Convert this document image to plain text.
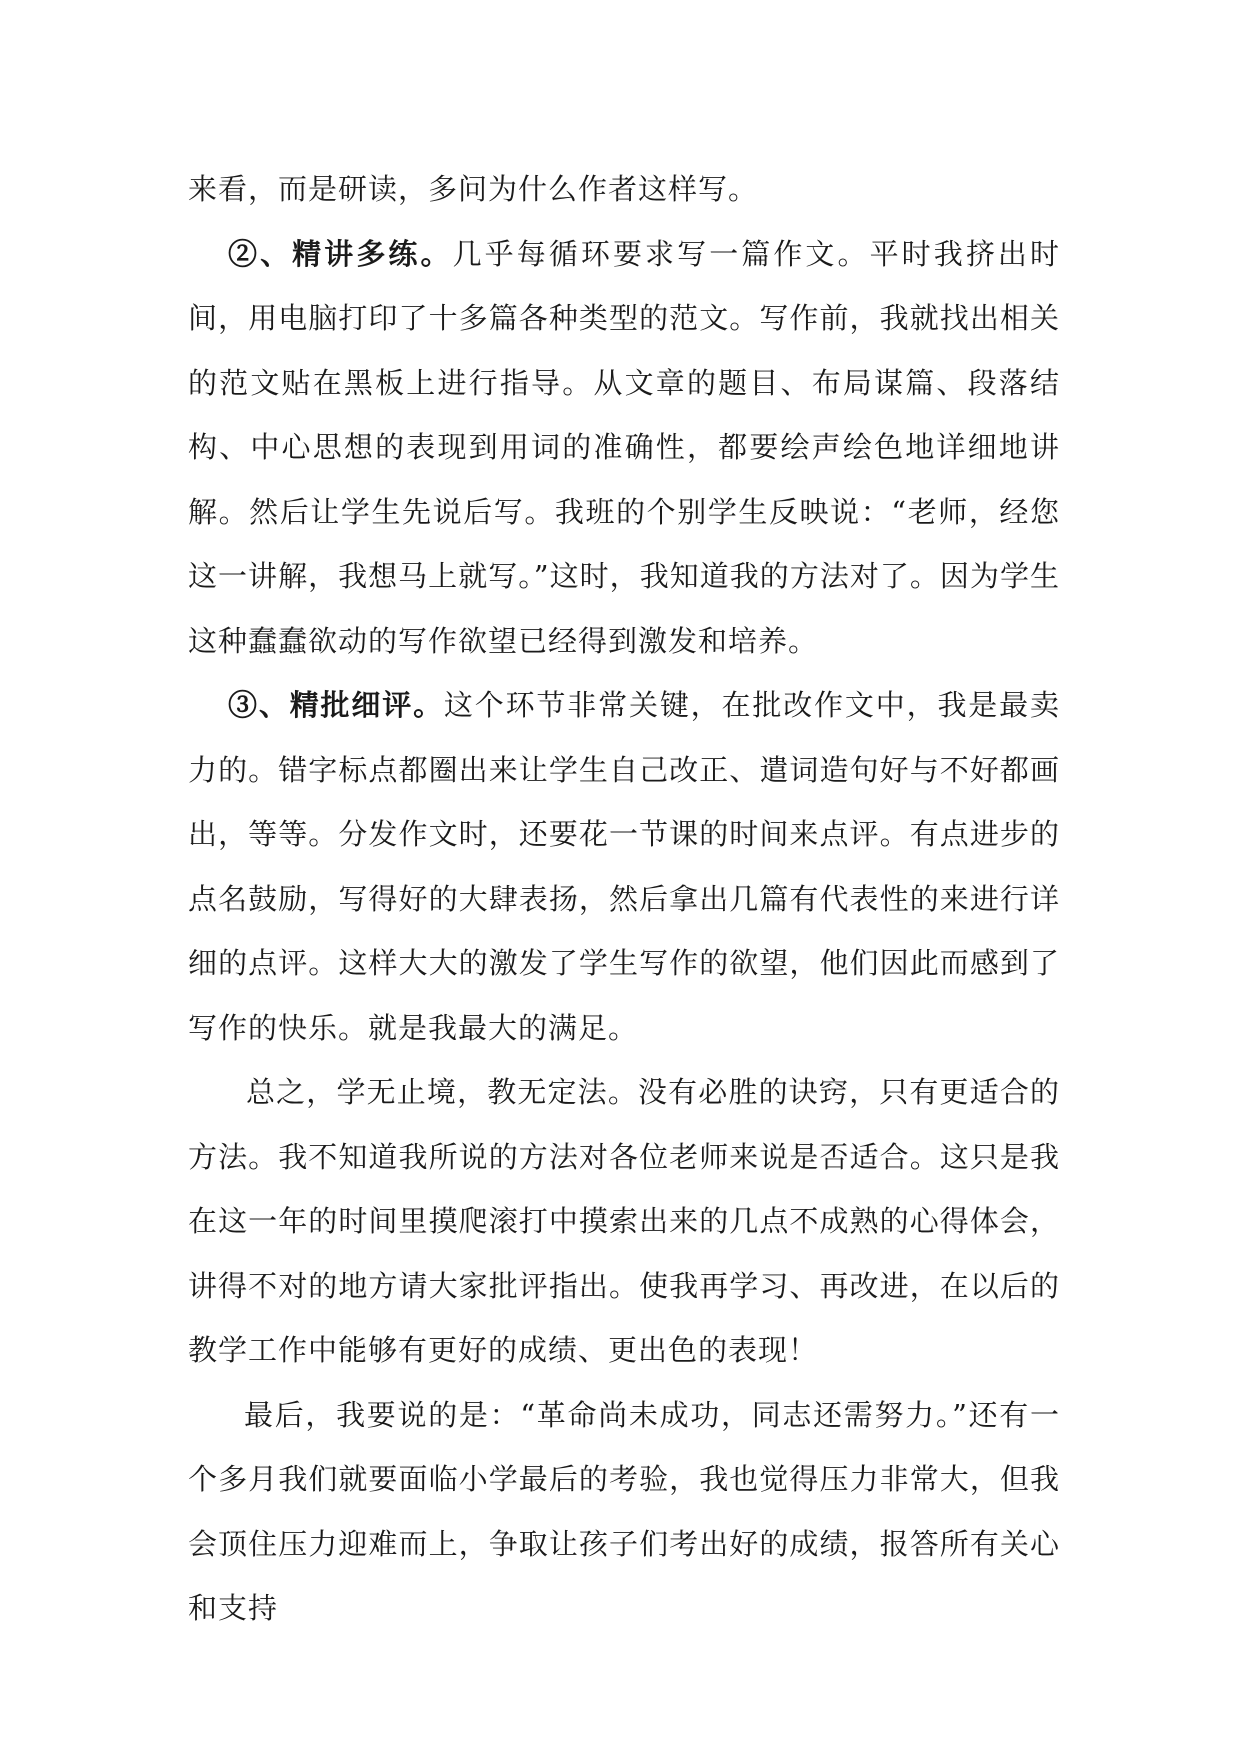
来看，而是研读，多问为什么作者这样写。

②、精讲多练。几乎每循环要求写一篇作文。平时我挤出时间，用电脑打印了十多篇各种类型的范文。写作前，我就找出相关的范文贴在黑板上进行指导。从文章的题目、布局谋篇、段落结构、中心思想的表现到用词的准确性，都要绘声绘色地详细地讲解。然后让学生先说后写。我班的个别学生反映说：“老师，经您这一讲解，我想马上就写。”这时，我知道我的方法对了。因为学生这种蠢蠢欲动的写作欲望已经得到激发和培养。

③、精批细评。这个环节非常关键，在批改作文中，我是最卖力的。错字标点都圈出来让学生自己改正、遣词造句好与不好都画出，等等。分发作文时，还要花一节课的时间来点评。有点进步的点名鼓励，写得好的大肆表扬，然后拿出几篇有代表性的来进行详细的点评。这样大大的激发了学生写作的欲望，他们因此而感到了写作的快乐。就是我最大的满足。

总之，学无止境，教无定法。没有必胜的诀窍，只有更适合的方法。我不知道我所说的方法对各位老师来说是否适合。这只是我在这一年的时间里摸爬滚打中摸索出来的几点不成熟的心得体会，讲得不对的地方请大家批评指出。使我再学习、再改进，在以后的教学工作中能够有更好的成绩、更出色的表现！

最后，我要说的是：“革命尚未成功，同志还需努力。”还有一个多月我们就要面临小学最后的考验，我也觉得压力非常大，但我会顶住压力迎难而上，争取让孩子们考出好的成绩，报答所有关心和支持
